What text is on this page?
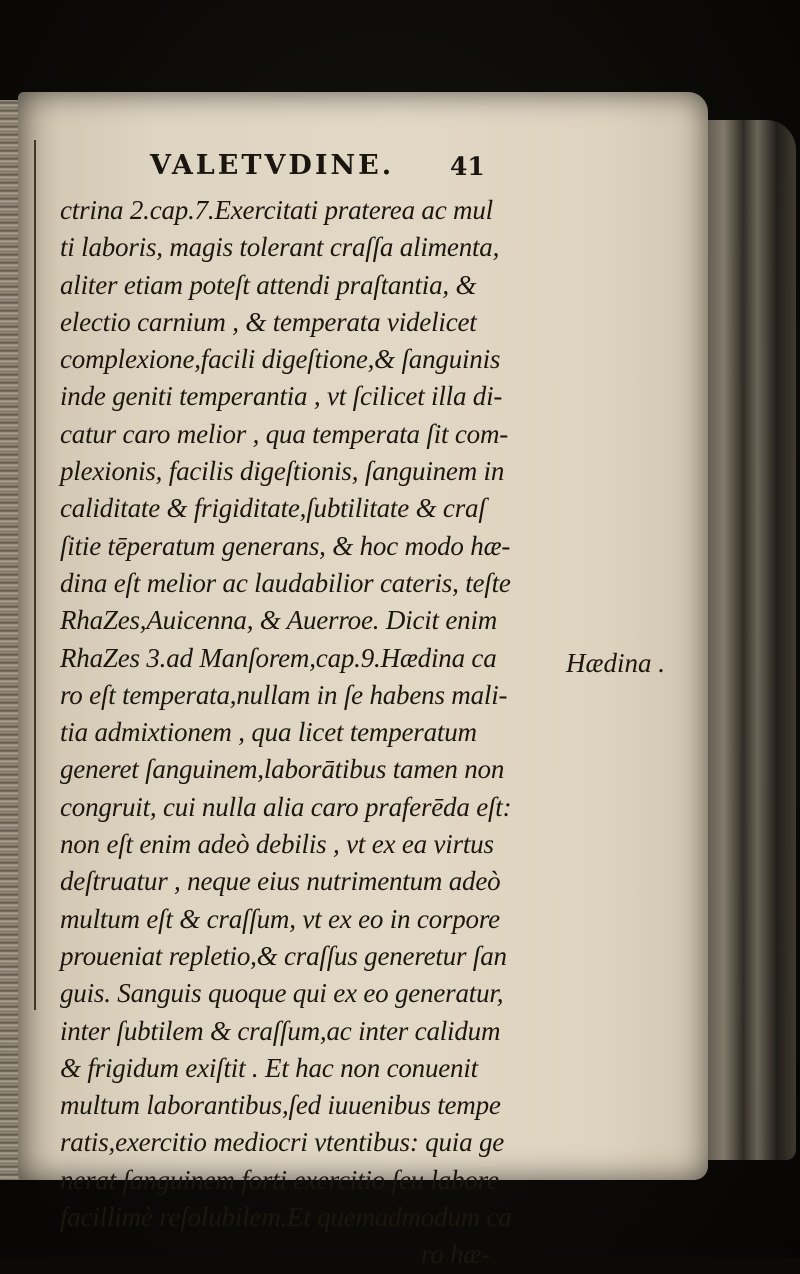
VALETVDINE. 41
ctrina 2.cap.7.Exercitati praterea ac mul
ti laboris, magis tolerant craſſa alimenta,
aliter etiam poteſt attendi praſtantia, &
electio carnium , & temperata videlicet
complexione,facili digeſtione,& ſanguinis
inde geniti temperantia , vt ſcilicet illa di-
catur caro melior , qua temperata ſit com-
plexionis, facilis digeſtionis, ſanguinem in
caliditate & frigiditate,ſubtilitate & craſ
ſitie tēperatum generans, & hoc modo hæ-
dina eſt melior ac laudabilior cateris, teſte
RhaZes,Auicenna, & Auerroe. Dicit enim
RhaZes 3.ad Manſorem,cap.9.Hædina ca
ro eſt temperata,nullam in ſe habens mali-
tia admixtionem , qua licet temperatum
generet ſanguinem,laborātibus tamen non
congruit, cui nulla alia caro praferēda eſt:
non eſt enim adeò debilis , vt ex ea virtus
deſtruatur , neque eius nutrimentum adeò
multum eſt & craſſum, vt ex eo in corpore
proueniat repletio,& craſſus generetur ſan
guis. Sanguis quoque qui ex eo generatur,
inter ſubtilem & craſſum,ac inter calidum
& frigidum exiſtit . Et hac non conuenit
multum laborantibus,ſed iuuenibus tempe
ratis,exercitio mediocri vtentibus: quia ge
nerat ſanguinem forti exercitio ſeu labore
facillimè reſolubilem.Et quemadmodum ca
ro hæ-
Hædina .
